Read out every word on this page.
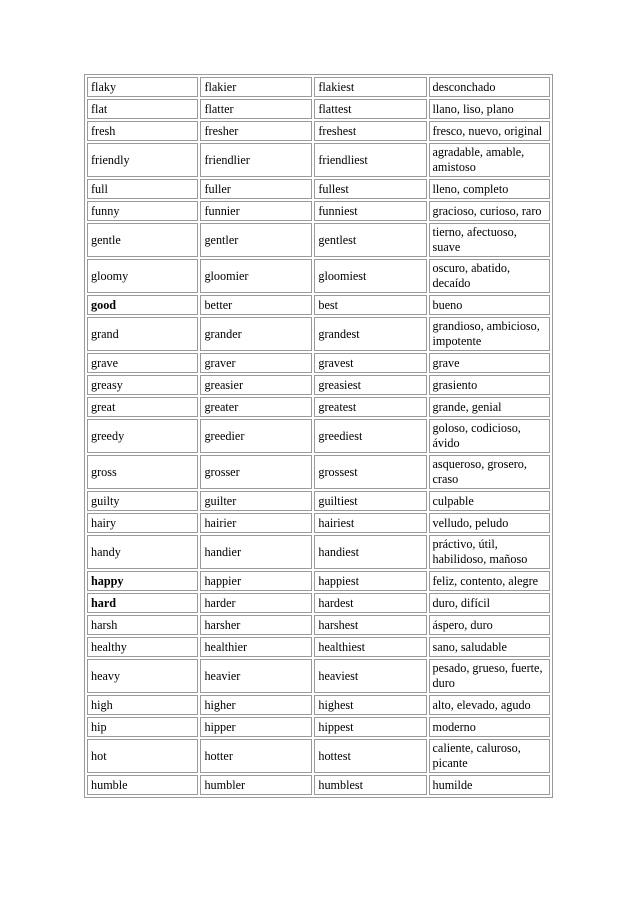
flaky	flakier	flakiest	desconchado
flat	flatter	flattest	llano, liso, plano
fresh	fresher	freshest	fresco, nuevo, original
friendly	friendlier	friendliest	agradable, amable, amistoso
full	fuller	fullest	lleno, completo
funny	funnier	funniest	gracioso, curioso, raro
gentle	gentler	gentlest	tierno, afectuoso, suave
gloomy	gloomier	gloomiest	oscuro, abatido, decaído
good	better	best	bueno
grand	grander	grandest	grandioso, ambicioso, impotente
grave	graver	gravest	grave
greasy	greasier	greasiest	grasiento
great	greater	greatest	grande, genial
greedy	greedier	greediest	goloso, codicioso, ávido
gross	grosser	grossest	asqueroso, grosero, craso
guilty	guilter	guiltiest	culpable
hairy	hairier	hairiest	velludo, peludo
handy	handier	handiest	práctivo, útil, habilidoso, mañoso
happy	happier	happiest	feliz, contento, alegre
hard	harder	hardest	duro, difícil
harsh	harsher	harshest	áspero, duro
healthy	healthier	healthiest	sano, saludable
heavy	heavier	heaviest	pesado, grueso, fuerte, duro
high	higher	highest	alto, elevado, agudo
hip	hipper	hippest	moderno
hot	hotter	hottest	caliente, caluroso, picante
humble	humbler	humblest	humilde
